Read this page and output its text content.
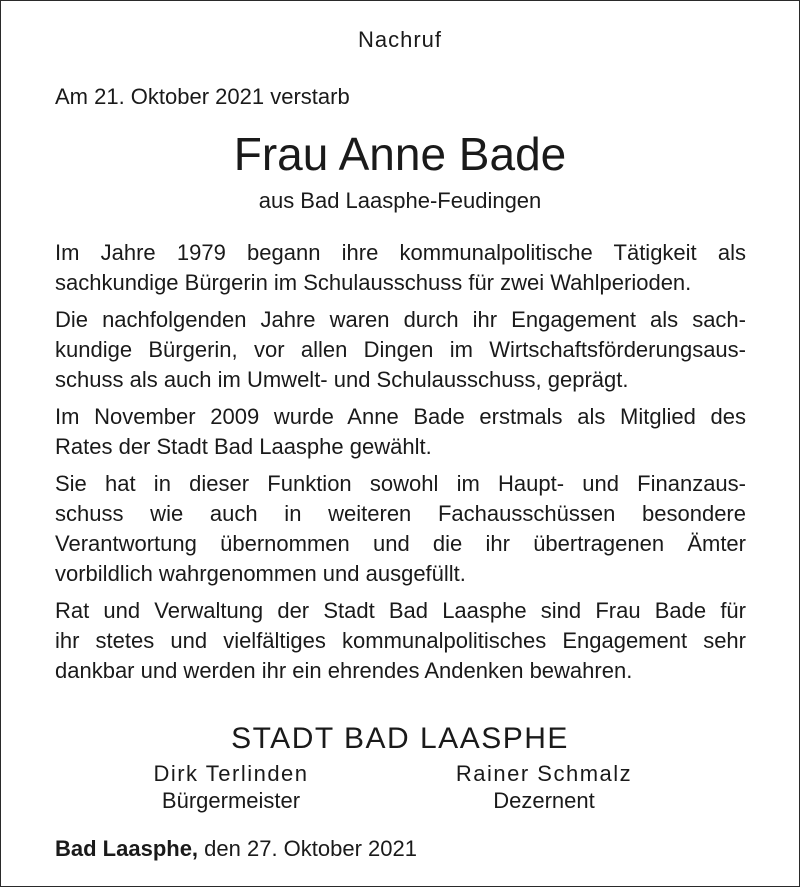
Nachruf
Am 21. Oktober 2021 verstarb
Frau Anne Bade
aus Bad Laasphe-Feudingen

Im Jahre 1979 begann ihre kommunalpolitische Tätigkeit als
sachkundige Bürgerin im Schulausschuss für zwei Wahlperioden.

Die nachfolgenden Jahre waren durch ihr Engagement als sach-
kundige Bürgerin, vor allen Dingen im Wirtschaftsförderungsaus-
schuss als auch im Umwelt- und Schulausschuss, geprägt.

Im November 2009 wurde Anne Bade erstmals als Mitglied des
Rates der Stadt Bad Laasphe gewählt.

Sie hat in dieser Funktion sowohl im Haupt- und Finanzaus-
schuss wie auch in weiteren Fachausschüssen besondere
Verantwortung übernommen und die ihr übertragenen Ämter
vorbildlich wahrgenommen und ausgefüllt.

Rat und Verwaltung der Stadt Bad Laasphe sind Frau Bade für
ihr stetes und vielfältiges kommunalpolitisches Engagement sehr
dankbar und werden ihr ein ehrendes Andenken bewahren.

STADT BAD LAASPHE
Dirk Terlinden
Bürgermeister
Rainer Schmalz
Dezernent
Bad Laasphe, den 27. Oktober 2021
